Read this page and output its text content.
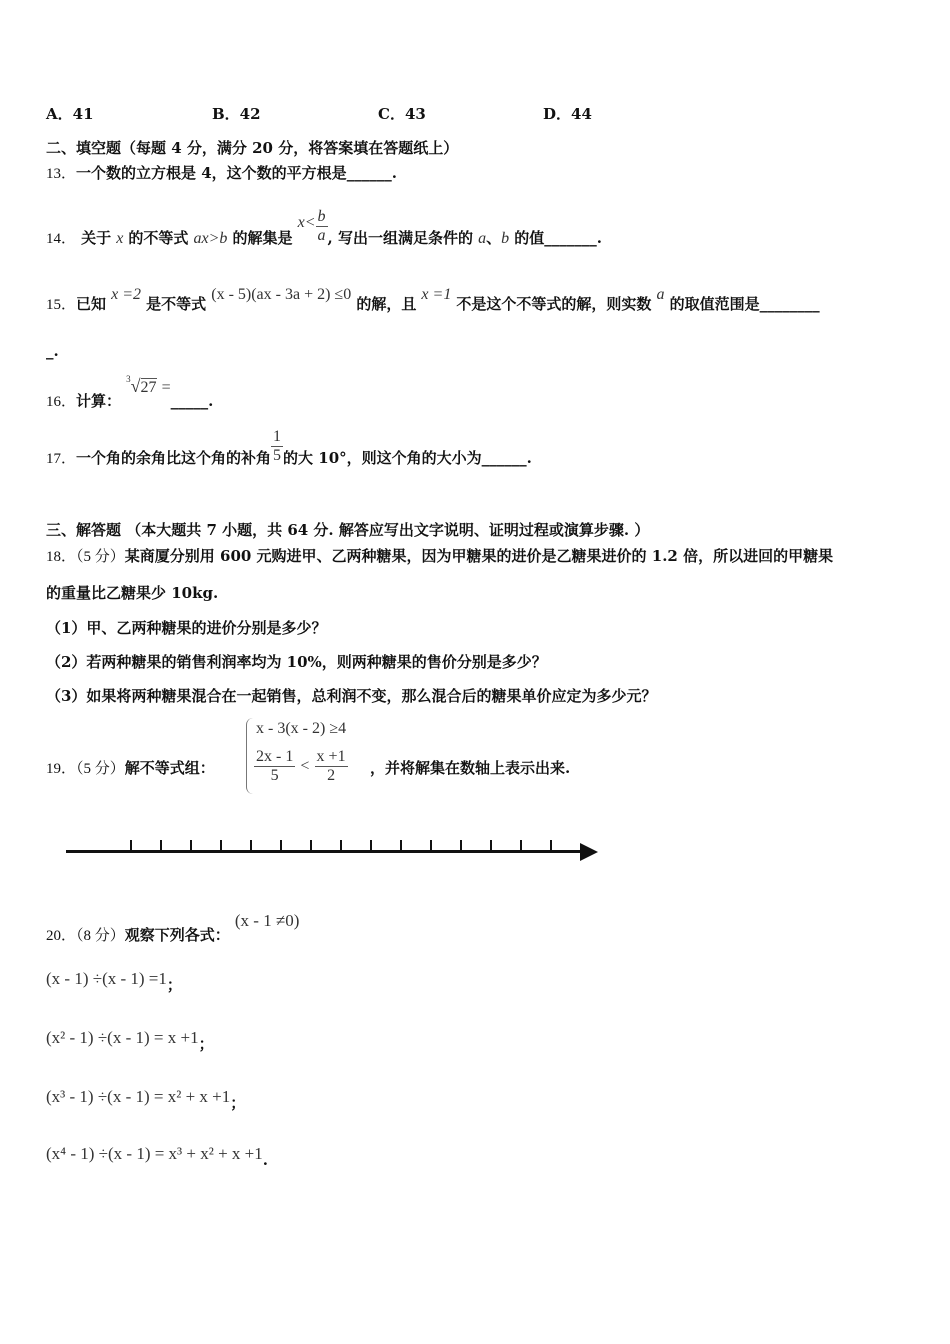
A．41	B．42	C．43	D．44
二、填空题（每题 4 分，满分 20 分，将答案填在答题纸上）
13．一个数的立方根是 4，这个数的平方根是______.
14． 关于 x 的不等式 ax>b 的解集是 $x< \frac{b}{a}$ , 写出一组满足条件的 a、b 的值_______.
15．已知 x =2 是不等式 (x - 5)(ax - 3a + 2) ≤0 的解，且 x =1 不是这个不等式的解，则实数 a 的取值范围是________
_.
16．计算： $^3$√27 =_____.
17．一个角的余角比这个角的补角 $\frac{1}{5}$ 的大 10°，则这个角的大小为______.
三、解答题 （本大题共 7 小题，共 64 分. 解答应写出文字说明、证明过程或演算步骤. ）
18．（5 分）某商厦分别用 600 元购进甲、乙两种糖果，因为甲糖果的进价是乙糖果进价的 1.2 倍，所以进回的甲糖果
的重量比乙糖果少 10kg.
（1）甲、乙两种糖果的进价分别是多少？
（2）若两种糖果的销售利润率均为 10%，则两种糖果的售价分别是多少？
（3）如果将两种糖果混合在一起销售，总利润不变，那么混合后的糖果单价应定为多少元？
19．（5 分）解不等式组：
x - 3(x - 2) ≥4
$\frac{2x - 1}{5} < \frac{x +1}{2}$ ，并将解集在数轴上表示出来.
20．（8 分）观察下列各式： (x - 1 ≠0)
(x - 1) ÷(x - 1) =1；
(x² - 1) ÷(x - 1) = x +1；
(x³ - 1) ÷(x - 1) = x² + x +1；
(x⁴ - 1) ÷(x - 1) = x³ + x² + x +1.
